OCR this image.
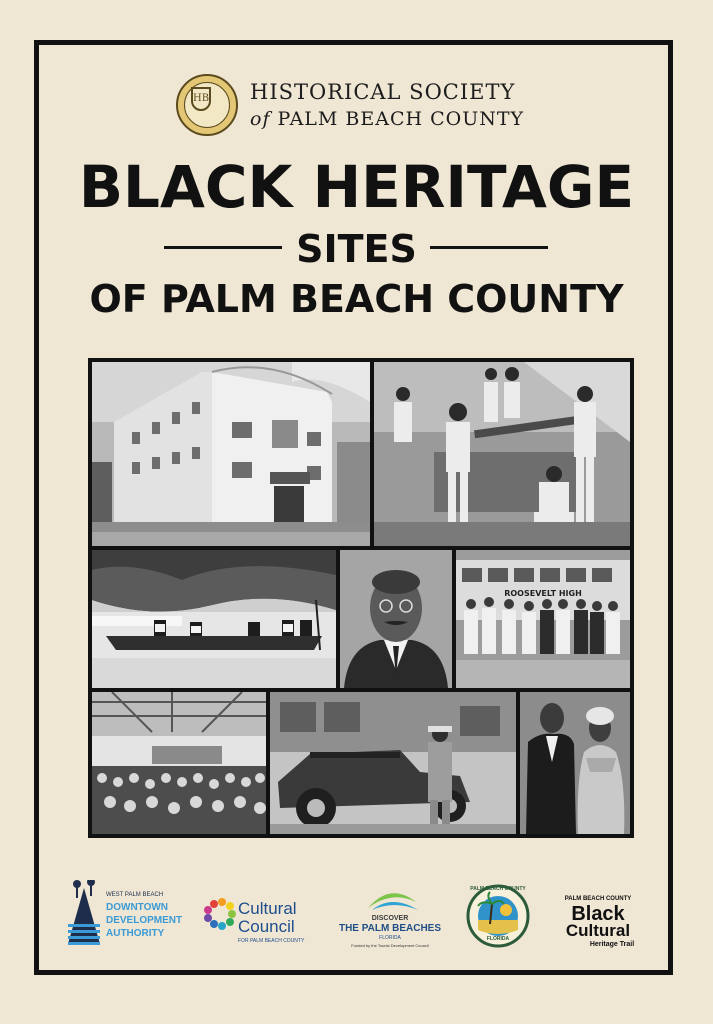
HB HISTORICAL SOCIETY
of PALM BEACH COUNTY
BLACK HERITAGE
SITES
OF PALM BEACH COUNTY
ROOSEVELT HIGH
WEST PALM BEACH
DOWNTOWN
DEVELOPMENT
AUTHORITY
Cultural
Council
FOR PALM BEACH COUNTY
DISCOVER
THE PALM BEACHES
FLORIDA
Funded by the Tourist Development Council
PALM BEACH COUNTY
FLORIDA
PALM BEACH COUNTY
Black
Cultural
Heritage Trail
